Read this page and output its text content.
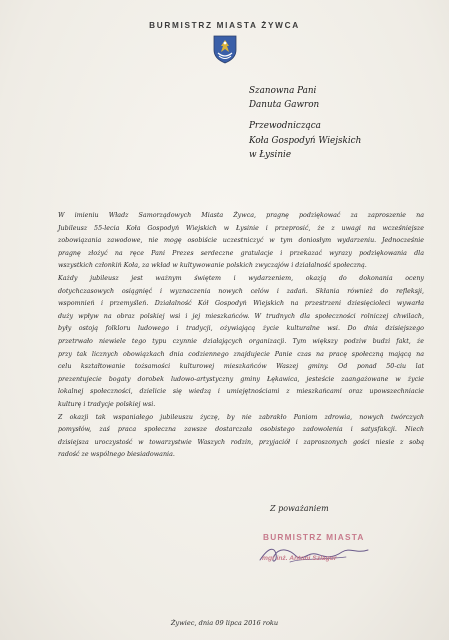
BURMISTRZ MIASTA ŻYWCA
Szanowna Pani
Danuta Gawron
Przewodnicząca
Koła Gospodyń Wiejskich
w Łysinie
W imieniu Władz Samorządowych Miasta Żywca, pragnę podziękować za zaproszenie na
Jubileusz 55-lecia Koła Gospodyń Wiejskich w Łysinie i przeprosić, że z uwagi na wcześniejsze
zobowiązania zawodowe, nie mogę osobiście uczestniczyć w tym doniosłym wydarzeniu. Jednocześnie
pragnę złożyć na ręce Pani Prezes serdeczne gratulacje i przekazać wyrazy podziękowania dla
wszystkich członkiń Koła, za wkład w kultywowanie polskich zwyczajów i działalność społeczną.
Każdy jubileusz jest ważnym świętem i wydarzeniem, okazją do dokonania oceny
dotychczasowych osiągnięć i wyznaczenia nowych celów i zadań. Skłania również do refleksji,
wspomnień i przemyśleń. Działalność Kół Gospodyń Wiejskich na przestrzeni dziesięcioleci wywarła
duży wpływ na obraz polskiej wsi i jej mieszkańców. W trudnych dla społeczności rolniczej chwilach,
były ostoją folkloru ludowego i tradycji, ożywiającą życie kulturalne wsi. Do dnia dzisiejszego
przetrwało niewiele tego typu czynnie działających organizacji. Tym większy podziw budzi fakt, że
przy tak licznych obowiązkach dnia codziennego znajdujecie Panie czas na pracę społeczną mającą na
celu kształtowanie tożsamości kulturowej mieszkańców Waszej gminy. Od ponad 50-ciu lat
prezentujecie bogaty dorobek ludowo-artystyczny gminy Łękawica, jesteście zaangażowane w życie
lokalnej społeczności, dzielicie się wiedzą i umiejętnościami z mieszkańcami oraz upowszechniacie
kulturę i tradycje polskiej wsi.
Z okazji tak wspaniałego jubileuszu życzę, by nie zabrakło Paniom zdrowia, nowych twórczych
pomysłów, zaś praca społeczna zawsze dostarczała osobistego zadowolenia i satysfakcji. Niech
dzisiejsza uroczystość w towarzystwie Waszych rodzin, przyjaciół i zaproszonych gości niesie z sobą
radość ze wspólnego biesiadowania.
Z poważaniem
BURMISTRZ MIASTA
mgr inż. Antoni Szlagor
Żywiec, dnia 09 lipca 2016 roku
